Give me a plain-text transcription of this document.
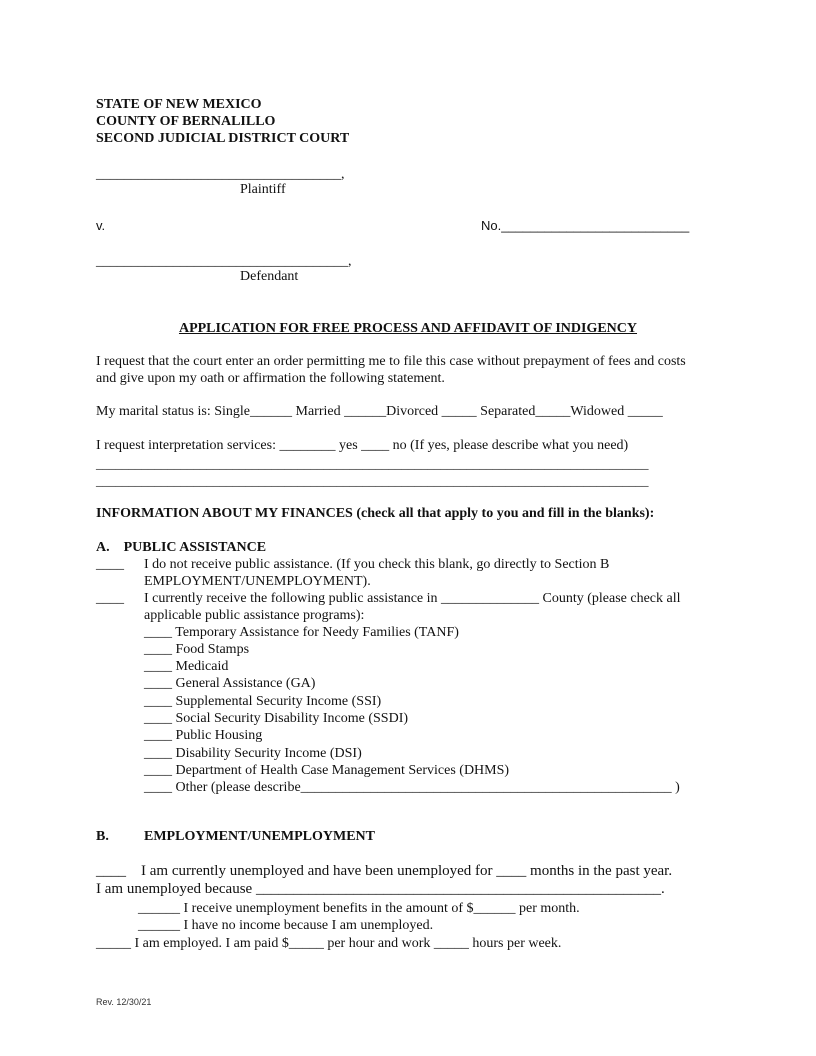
STATE OF NEW MEXICO
COUNTY OF BERNALILLO
SECOND JUDICIAL DISTRICT COURT
___________________________________,
Plaintiff
v.	No.__________________________
____________________________________,
Defendant
APPLICATION FOR FREE PROCESS AND AFFIDAVIT OF INDIGENCY
I request that the court enter an order permitting me to file this case without prepayment of fees and costs
and give upon my oath or affirmation the following statement.
My marital status is: Single______ Married ______Divorced _____ Separated_____Widowed _____
I request interpretation services: ________ yes ____ no (If yes, please describe what you need)
_____________________________________________________________________________________
_____________________________________________________________________________________
INFORMATION ABOUT MY FINANCES (check all that apply to you and fill in the blanks):
A.    PUBLIC ASSISTANCE
____ I do not receive public assistance. (If you check this blank, go directly to Section B
EMPLOYMENT/UNEMPLOYMENT).
____ I currently receive the following public assistance in ______________ County (please check all
applicable public assistance programs):
____ Temporary Assistance for Needy Families (TANF)
____ Food Stamps
____ Medicaid
____ General Assistance (GA)
____ Supplemental Security Income (SSI)
____ Social Security Disability Income (SSDI)
____ Public Housing
____ Disability Security Income (DSI)
____ Department of Health Case Management Services (DHMS)
____ Other (please describe_____________________________________________________ )
B.	EMPLOYMENT/UNEMPLOYMENT
____    I am currently unemployed and have been unemployed for ____ months in the past year.
I am unemployed because ______________________________________________________.
______ I receive unemployment benefits in the amount of $______ per month.
______ I have no income because I am unemployed.
_____ I am employed. I am paid $_____ per hour and work _____ hours per week.
Rev. 12/30/21
